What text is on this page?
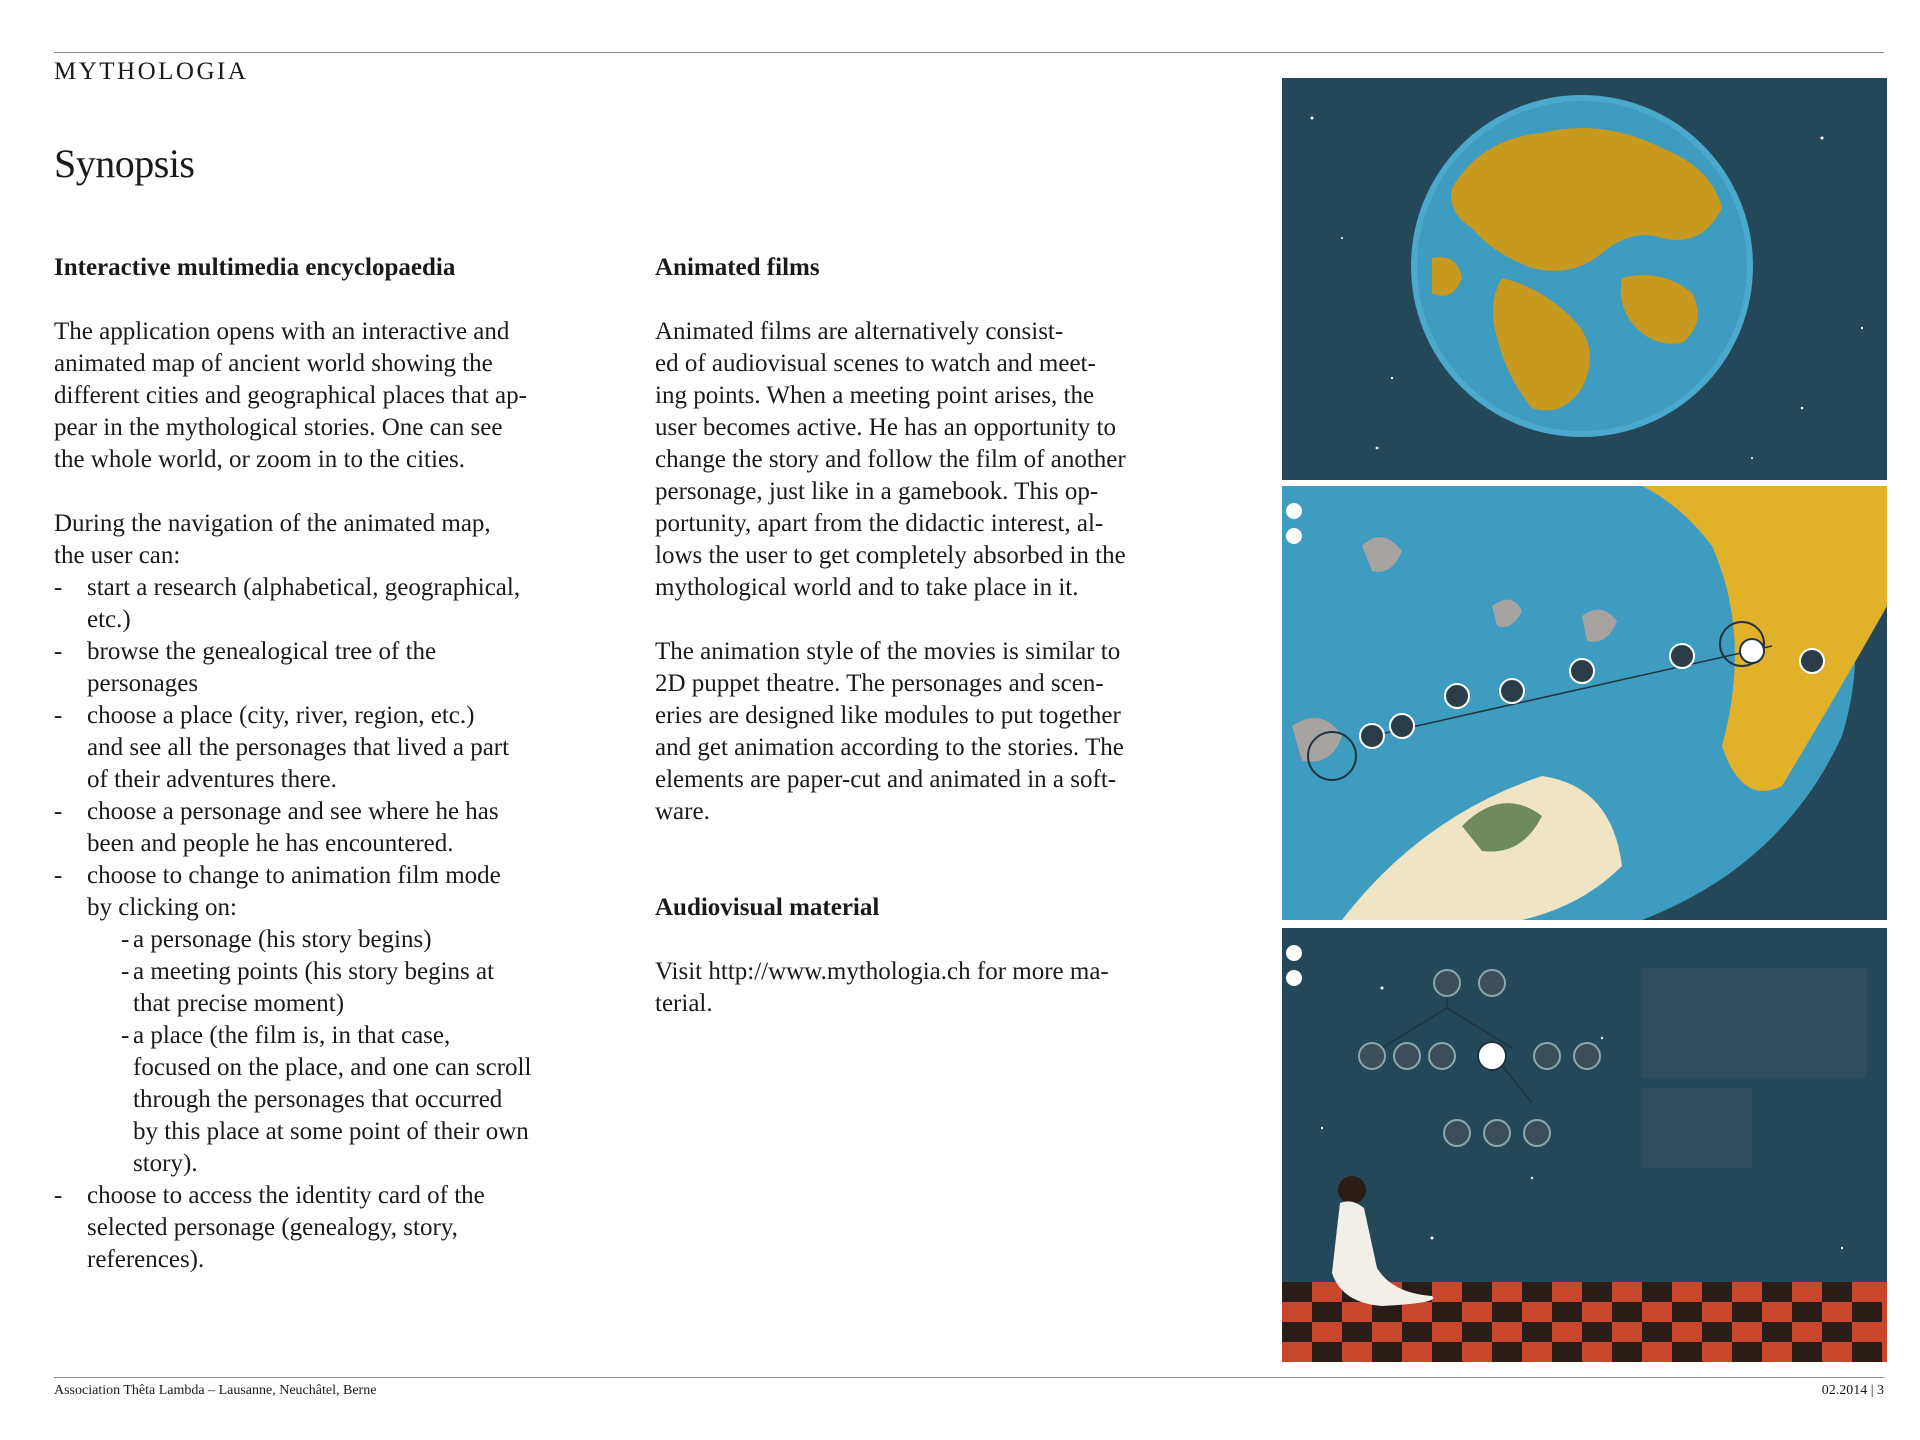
MYTHOLOGIA
Synopsis
Interactive multimedia encyclopaedia
The application opens with an interactive and
animated map of ancient world showing the
different cities and geographical places that ap-
pear in the mythological stories. One can see
the whole world, or zoom in to the cities.
During the navigation of the animated map,
the user can:
- start a research (alphabetical, geographical,
etc.)
- browse the genealogical tree of the
personages
- choose a place (city, river, region, etc.)
and see all the personages that lived a part
of their adventures there.
- choose a personage and see where he has
been and people he has encountered.
- choose to change to animation film mode
by clicking on:
- a personage (his story begins)
- a meeting points (his story begins at
that precise moment)
- a place (the film is, in that case,
focused on the place, and one can scroll
through the personages that occurred
by this place at some point of their own
story).
- choose to access the identity card of the
selected personage (genealogy, story,
references).
Animated films
Animated films are alternatively consist-
ed of audiovisual scenes to watch and meet-
ing points. When a meeting point arises, the
user becomes active. He has an opportunity to
change the story and follow the film of another
personage, just like in a gamebook. This op-
portunity, apart from the didactic interest, al-
lows the user to get completely absorbed in the
mythological world and to take place in it.
The animation style of the movies is similar to
2D puppet theatre. The personages and scen-
eries are designed like modules to put together
and get animation according to the stories. The
elements are paper-cut and animated in a soft-
ware.
Audiovisual material
Visit http://www.mythologia.ch for more ma-
terial.
Association Thêta Lambda – Lausanne, Neuchâtel, Berne	02.2014 | 3
